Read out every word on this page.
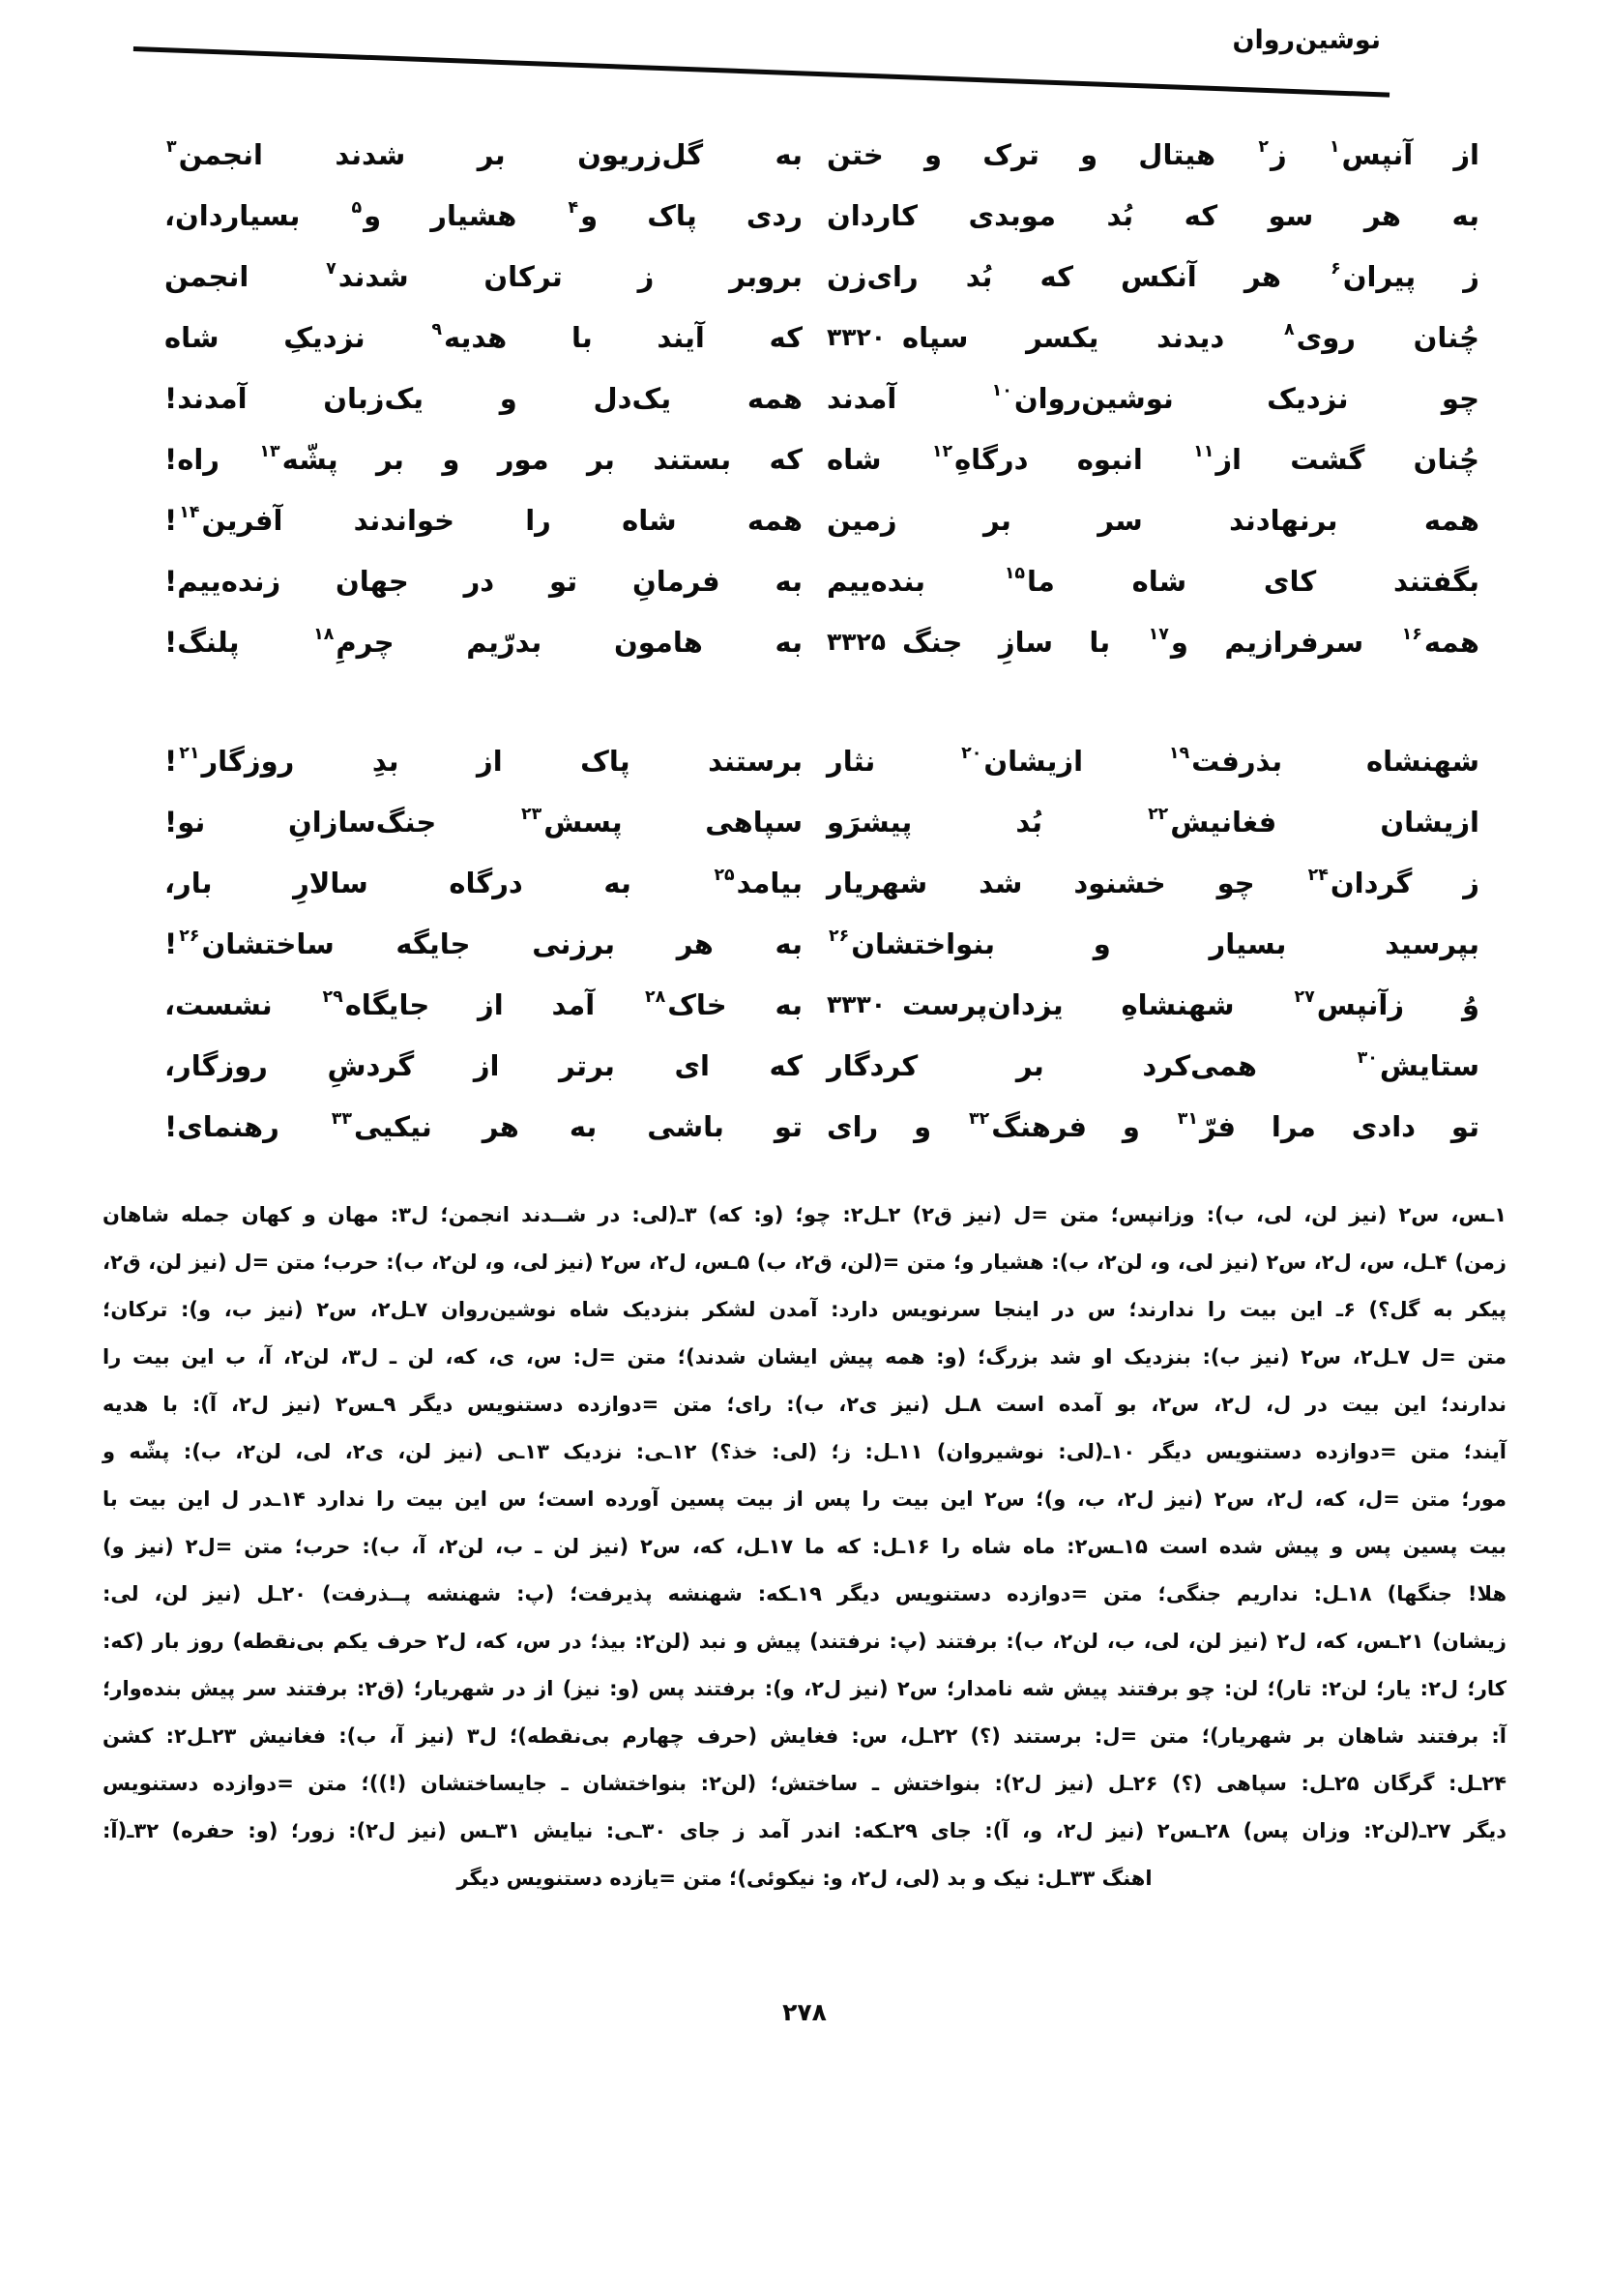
نوشین‌روان
از آنپس$^۱$ ز$^۲$ هیتال و ترک و ختن
به گل‌زریون بر شدند انجمن$^۳$
به هر سو که بُد موبدی کاردان
ردی پاک و$^۴$ هشیار و$^۵$ بسیاردان،
ز پیران$^۶$ هر آنکس که بُد رای‌زن
بروبر ز ترکان شدند$^۷$ انجمن
چُنان روی$^۸$ دیدند یکسر سپاه
۳۳۲۰
که آیند با هدیه$^۹$ نزدیکِ شاه
چو نزدیک نوشین‌روان$^{۱۰}$ آمدند
همه یک‌دل و یک‌زبان آمدند!
چُنان گشت از$^{۱۱}$ انبوه درگاهِ$^{۱۲}$ شاه
که بستند بر مور و بر پشّه$^{۱۳}$ راه!
همه برنهادند سر بر زمین
همه شاه را خواندند آفرین$^{۱۴}$!
بگفتند کای شاه ما$^{۱۵}$ بنده‌ییم
به فرمانِ تو در جهان زنده‌ییم!
همه$^{۱۶}$ سرفرازیم و$^{۱۷}$ با سازِ جنگ
۳۳۲۵
به هامون بدرّیم چرمِ$^{۱۸}$ پلنگ!
شهنشاه بذرفت$^{۱۹}$ ازیشان$^{۲۰}$ نثار
برستند پاک از بدِ روزگار$^{۲۱}$!
ازیشان فغانیش$^{۲۲}$ بُد پیشرَو
سپاهی پسش$^{۲۳}$ جنگ‌سازانِ نو!
ز گردان$^{۲۴}$ چو خشنود شد شهریار
بیامد$^{۲۵}$ به درگاه سالارِ بار،
بپرسید بسیار و بنواختشان$^{۲۶}$
به هر برزنی جایگه ساختشان$^{۲۶}$!
وُ زآنپس$^{۲۷}$ شهنشاهِ یزدان‌پرست
۳۳۳۰
به خاک$^{۲۸}$ آمد از جایگاه$^{۲۹}$ نشست،
ستایش$^{۳۰}$ همی‌کرد بر کردگار
که ای برتر از گردشِ روزگار،
تو دادی مرا فرّ$^{۳۱}$ و فرهنگ$^{۳۲}$ و رای
تو باشی به هر نیکیی$^{۳۳}$ رهنمای!
۱ـس، س۲ (نیز لن، لی، ب): وزانپس؛ متن =ل (نیز ق۲) ۲ـل۲: چو؛ (و: که) ۳ـ(لی: در شــدند انجمن؛ ل۳: مهان و کهان جمله شاهان
زمن) ۴ـل، س، ل۲، س۲ (نیز لی، و، لن۲، ب): هشیار و؛ متن =(لن، ق۲، ب) ۵ـس، ل۲، س۲ (نیز لی، و، لن۲، ب): حرب؛ متن =ل (نیز لن، ق۲،
پیکر به گل؟) ۶ـ این بیت را ندارند؛ س در اینجا سرنویس دارد: آمدن لشکر بنزدیک شاه نوشین‌روان ۷ـل۲، س۲ (نیز ب، و): ترکان؛
متن =ل ۷ـل۲، س۲ (نیز ب): بنزدیک او شد بزرگ؛ (و: همه پیش ایشان شدند)؛ متن =ل: س، ی، که، لن ـ ل۳، لن۲، آ، ب این بیت را
ندارند؛ این بیت در ل، ل۲، س۲، بو آمده است ۸ـل (نیز ی۲، ب): رای؛ متن =دوازده دستنویس دیگر ۹ـس۲ (نیز ل۲، آ): با هدیه
آیند؛ متن =دوازده دستنویس دیگر ۱۰ـ(لی: نوشیروان) ۱۱ـل: ز؛ (لی: خذ؟) ۱۲ـی: نزدیک ۱۳ـی (نیز لن، ی۲، لی، لن۲، ب): پشّه و
مور؛ متن =ل، که، ل۲، س۲ (نیز ل۲، ب، و)؛ س۲ این بیت را پس از بیت پسین آورده است؛ س این بیت را ندارد ۱۴ـدر ل این بیت با
بیت پسین پس و پیش شده است ۱۵ـس۲: ماه شاه را ۱۶ـل: که ما ۱۷ـل، که، س۲ (نیز لن ـ ب، لن۲، آ، ب): حرب؛ متن =ل۲ (نیز و)
هلا! جنگها) ۱۸ـل: نداریم جنگی؛ متن =دوازده دستنویس دیگر ۱۹ـکه: شهنشه پذیرفت؛ (پ: شهنشه پــذرفت) ۲۰ـل (نیز لن، لی:
زیشان) ۲۱ـس، که، ل۲ (نیز لن، لی، ب، لن۲، ب): برفتند (پ: نرفتند) پیش و نبد (لن۲: بیذ؛ در س، که، ل۲ حرف یکم بی‌نقطه) روز بار (که:
کار؛ ل۲: یار؛ لن۲: تار)؛ لن: چو برفتند پیش شه نامدار؛ س۲ (نیز ل۲، و): برفتند پس (و: نیز) از در شهریار؛ (ق۲: برفتند سر پیش بنده‌وار؛
آ: برفتند شاهان بر شهریار)؛ متن =ل: برستند (؟) ۲۲ـل، س: فغایش (حرف چهارم بی‌نقطه)؛ ل۳ (نیز آ، ب): فغانیش ۲۳ـل۲: کشن
۲۴ـل: گرگان ۲۵ـل: سپاهی (؟) ۲۶ـل (نیز ل۲): بنواختش ـ ساختش؛ (لن۲: بنواختشان ـ جایساختشان (!))؛ متن =دوازده دستنویس
دیگر ۲۷ـ(لن۲: وزان پس) ۲۸ـس۲ (نیز ل۲، و، آ): جای ۲۹ـکه: اندر آمد ز جای ۳۰ـی: نیایش ۳۱ـس (نیز ل۲): زور؛ (و: حفره) ۳۲ـ(آ:
اهنگ ۳۳ـل: نیک و بد (لی، ل۲، و: نیکوئی)؛ متن =یازده دستنویس دیگر
۲۷۸
